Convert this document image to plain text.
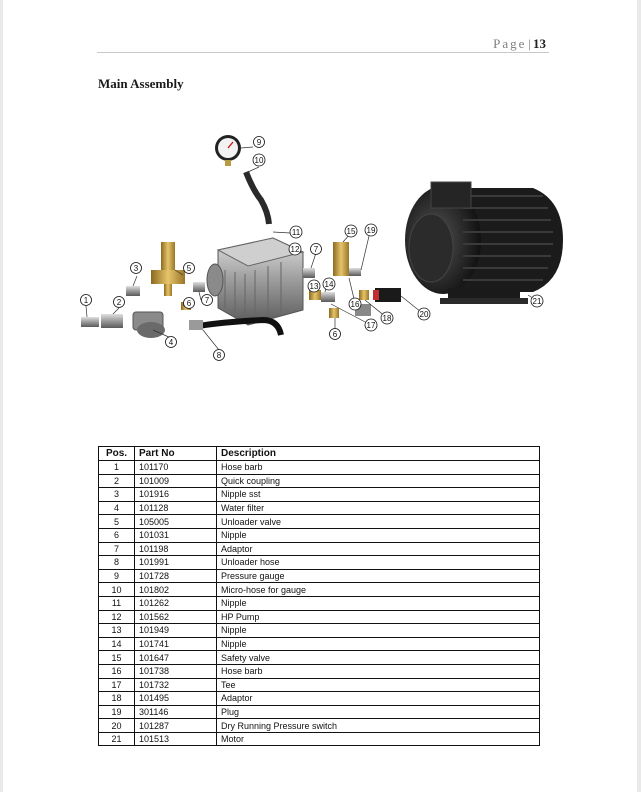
Page | 13
Main Assembly
1	2
3
4
5
6 7
8
9
10
11
12 7
13 14
15
16
17
18
6
19
20
21
Pos.	Part No	Description
1	101170	Hose barb
2	101009	Quick coupling
3	101916	Nipple sst
4	101128	Water filter
5	105005	Unloader valve
6	101031	Nipple
7	101198	Adaptor
8	101991	Unloader hose
9	101728	Pressure gauge
10	101802	Micro-hose for gauge
11	101262	Nipple
12	101562	HP Pump
13	101949	Nipple
14	101741	Nipple
15	101647	Safety valve
16	101738	Hose barb
17	101732	Tee
18	101495	Adaptor
19	301146	Plug
20	101287	Dry Running Pressure switch
21	101513	Motor
